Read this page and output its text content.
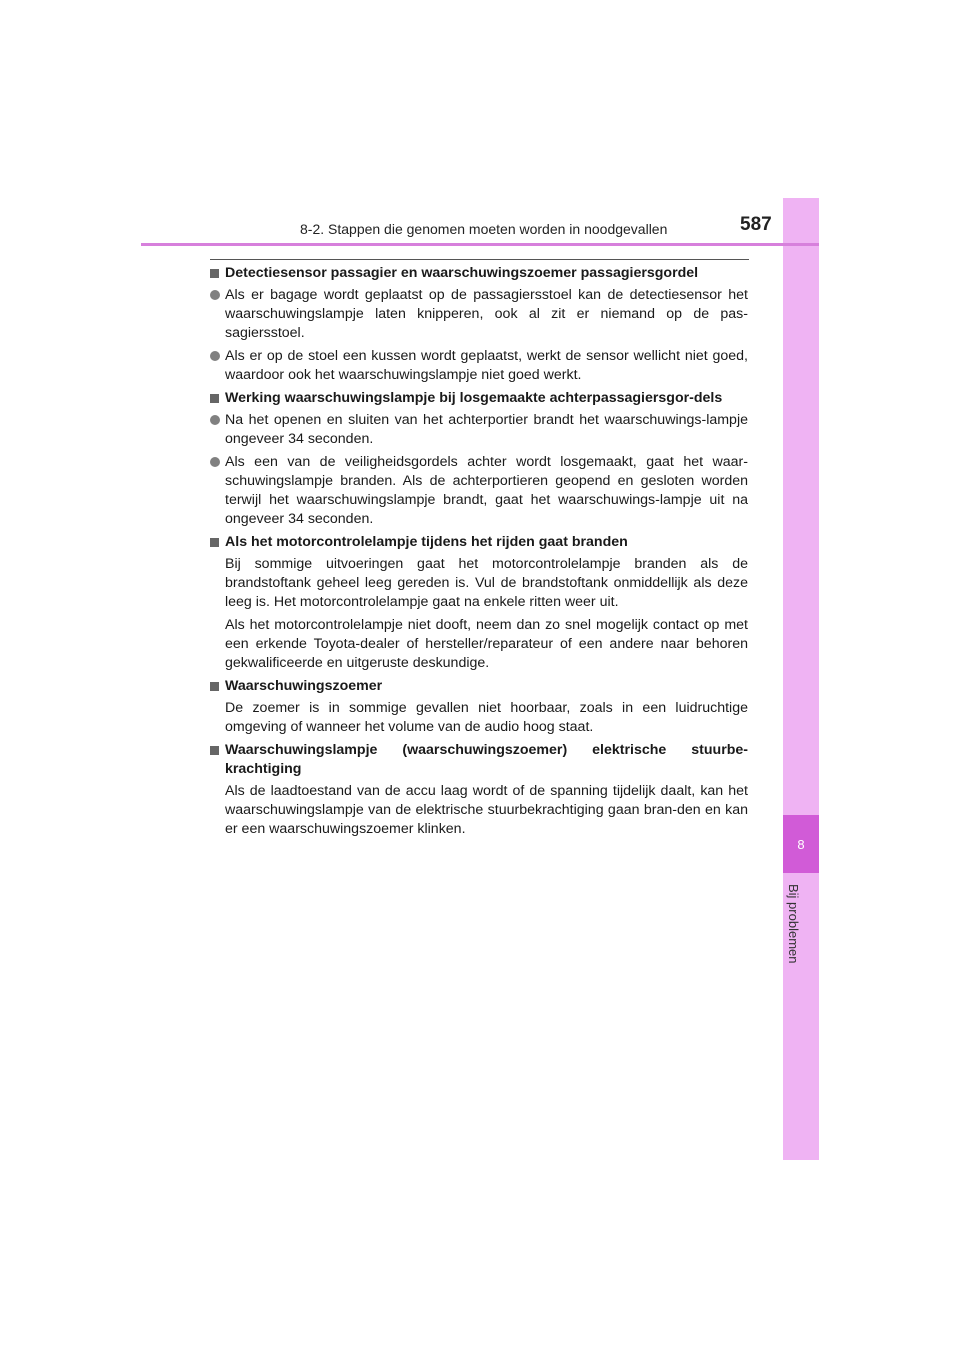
8
Bij problemen
8-2. Stappen die genomen moeten worden in noodgevallen	587
Detectiesensor passagier en waarschuwingszoemer passagiersgordel
Als er bagage wordt geplaatst op de passagiersstoel kan de detectiesensor het waarschuwingslampje laten knipperen, ook al zit er niemand op de pas-sagiersstoel.
Als er op de stoel een kussen wordt geplaatst, werkt de sensor wellicht niet goed, waardoor ook het waarschuwingslampje niet goed werkt.
Werking waarschuwingslampje bij losgemaakte achterpassagiersgor-dels
Na het openen en sluiten van het achterportier brandt het waarschuwings-lampje ongeveer 34 seconden.
Als een van de veiligheidsgordels achter wordt losgemaakt, gaat het waar-schuwingslampje branden. Als de achterportieren geopend en gesloten worden terwijl het waarschuwingslampje brandt, gaat het waarschuwings-lampje uit na ongeveer 34 seconden.
Als het motorcontrolelampje tijdens het rijden gaat branden
Bij sommige uitvoeringen gaat het motorcontrolelampje branden als de brandstoftank geheel leeg gereden is. Vul de brandstoftank onmiddellijk als deze leeg is. Het motorcontrolelampje gaat na enkele ritten weer uit.
Als het motorcontrolelampje niet dooft, neem dan zo snel mogelijk contact op met een erkende Toyota-dealer of hersteller/reparateur of een andere naar behoren gekwalificeerde en uitgeruste deskundige.
Waarschuwingszoemer
De zoemer is in sommige gevallen niet hoorbaar, zoals in een luidruchtige omgeving of wanneer het volume van de audio hoog staat.
Waarschuwingslampje (waarschuwingszoemer) elektrische stuurbe-krachtiging
Als de laadtoestand van de accu laag wordt of de spanning tijdelijk daalt, kan het waarschuwingslampje van de elektrische stuurbekrachtiging gaan bran-den en kan er een waarschuwingszoemer klinken.
